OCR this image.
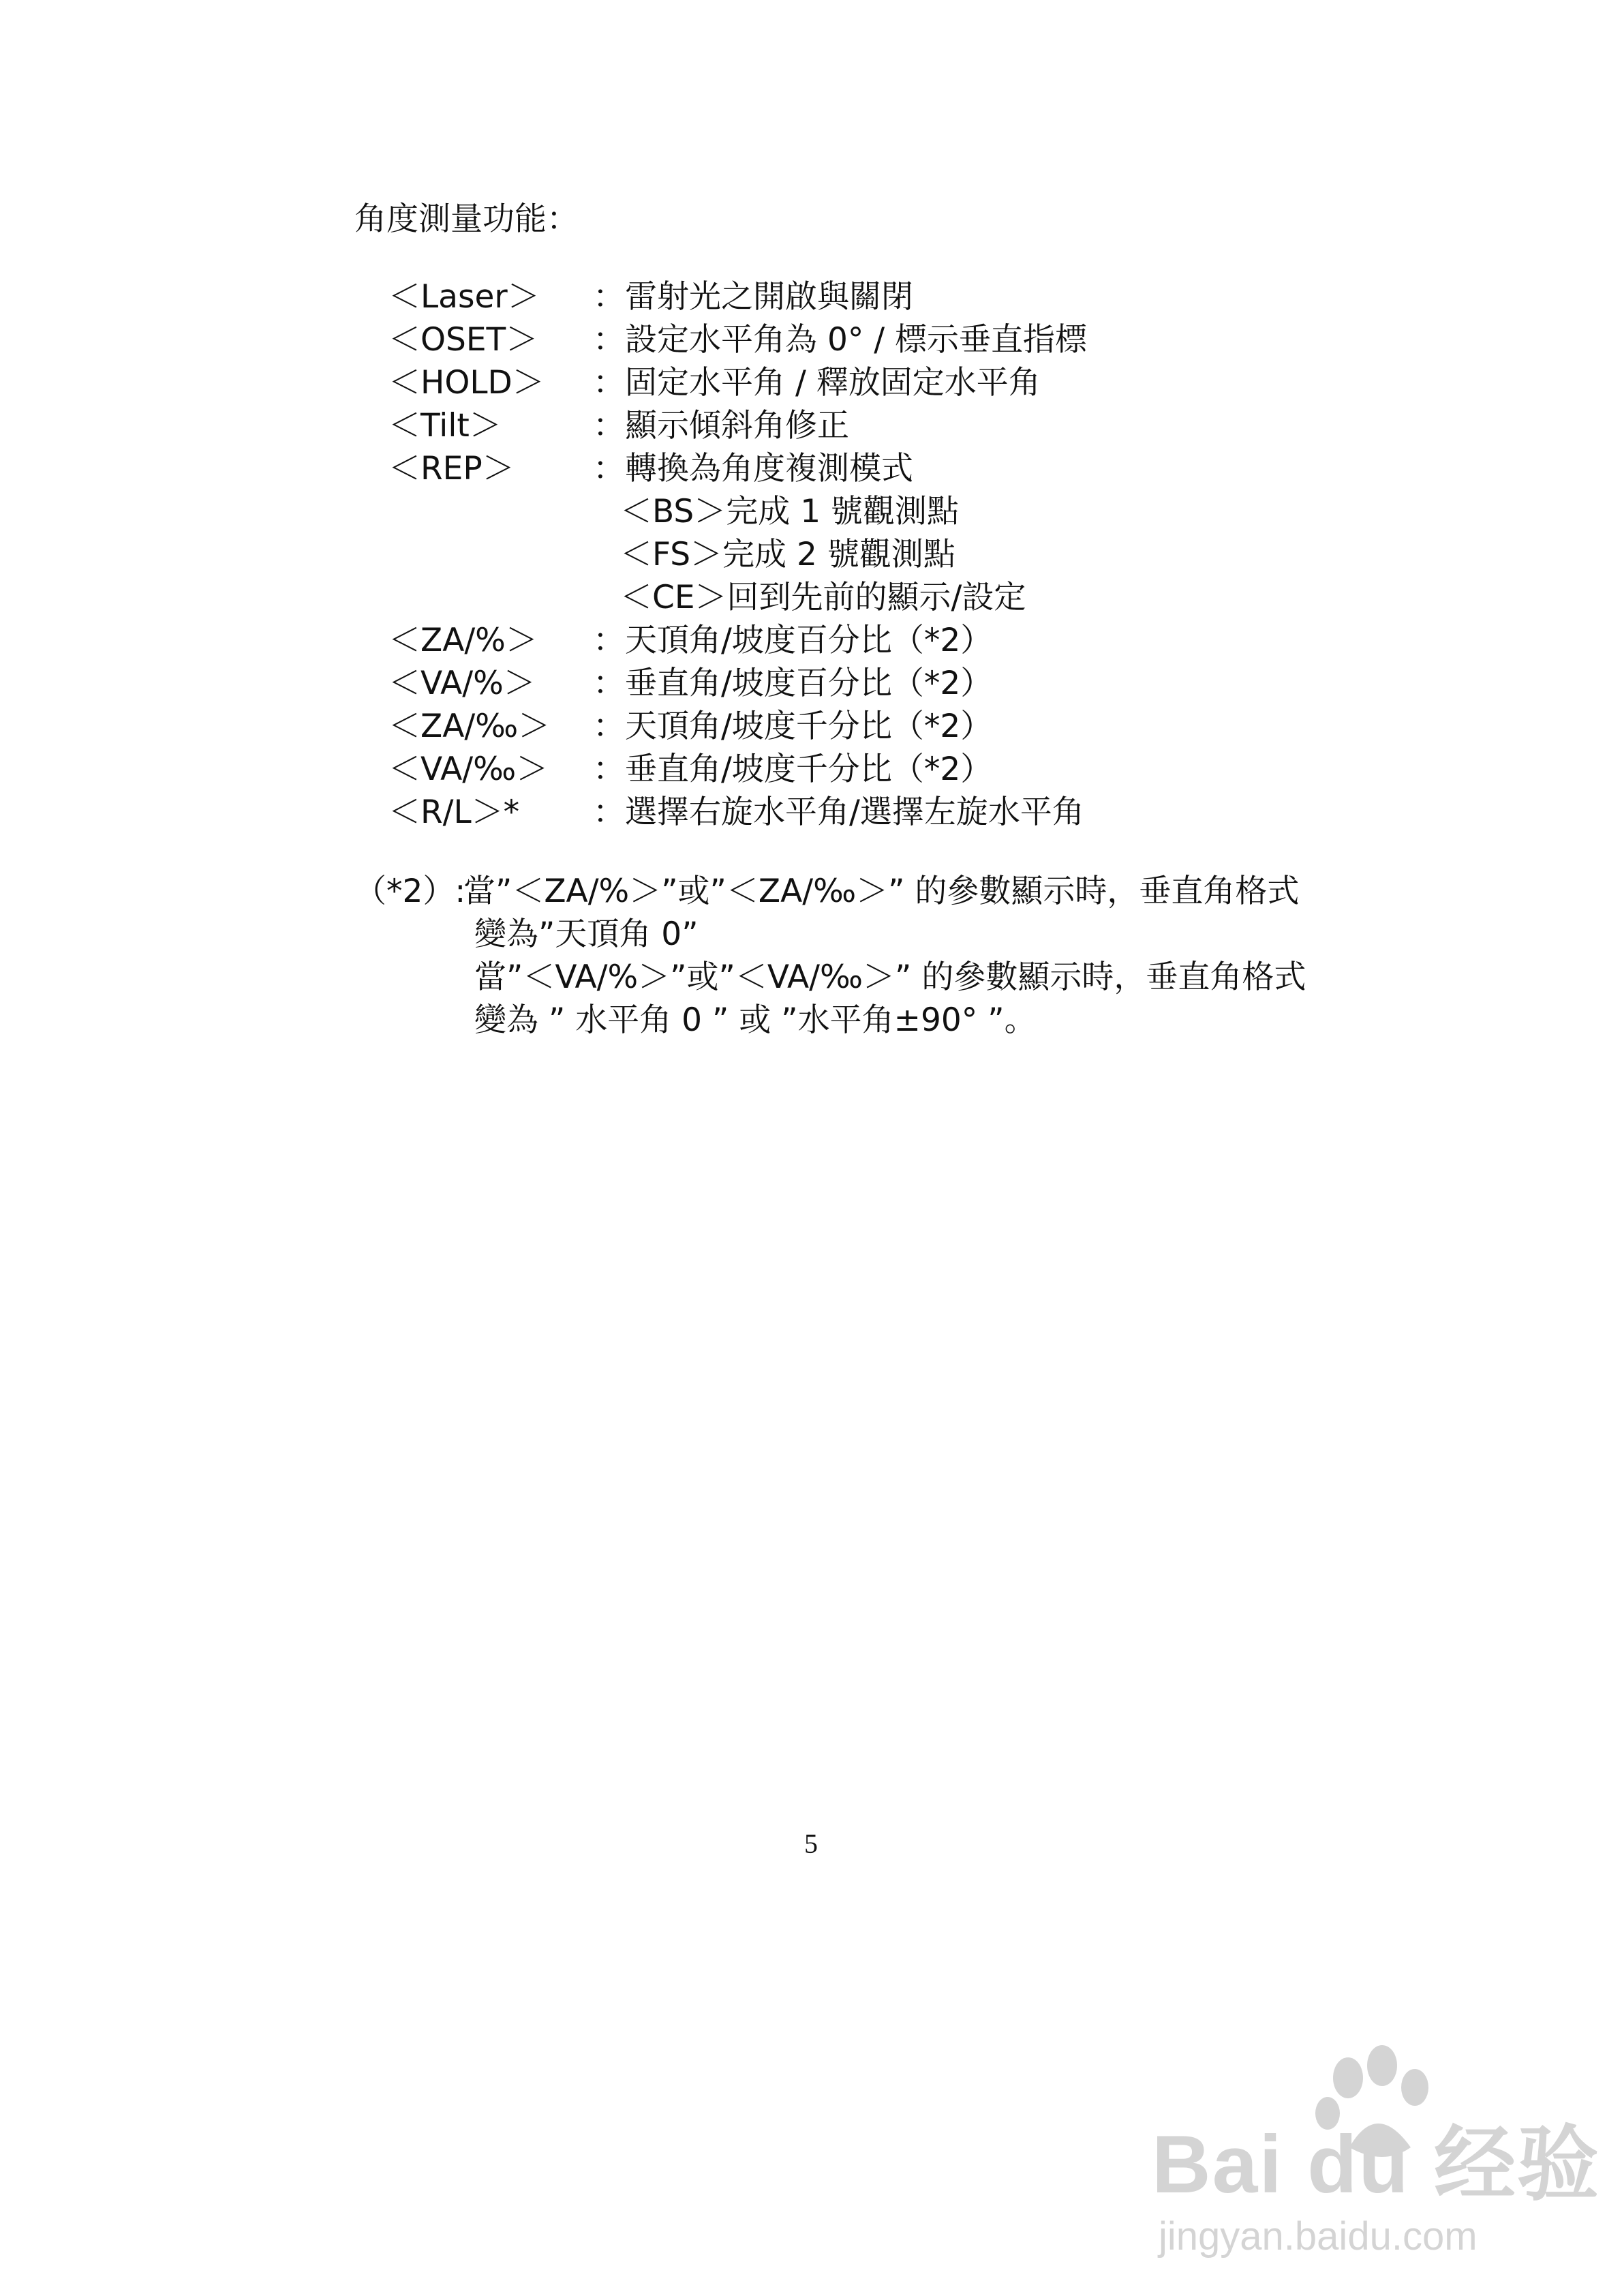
角度測量功能：
＜Laser＞ ：雷射光之開啟與關閉
＜OSET＞ ：設定水平角為 0° / 標示垂直指標
＜HOLD＞ ：固定水平角 / 釋放固定水平角
＜Tilt＞	：顯示傾斜角修正
＜REP＞ ：轉換為角度複測模式
＜BS＞完成 1 號觀測點
＜FS＞完成 2 號觀測點
＜CE＞回到先前的顯示/設定
＜ZA/%＞ ：天頂角/坡度百分比（*2）
＜VA/%＞ ：垂直角/坡度百分比（*2）
＜ZA/‰＞ ：天頂角/坡度千分比（*2）
＜VA/‰＞ ：垂直角/坡度千分比（*2）
＜R/L＞* ：選擇右旋水平角/選擇左旋水平角
（*2）:
當”＜ZA/%＞”或”＜ZA/‰＞” 的參數顯示時，垂直角格式
變為”天頂角 0”
當”＜VA/%＞”或”＜VA/‰＞” 的參數顯示時，垂直角格式
變為 ” 水平角 0 ” 或 ”水平角±90° ”。
5
Bai du 经验
jingyan.baidu.com
